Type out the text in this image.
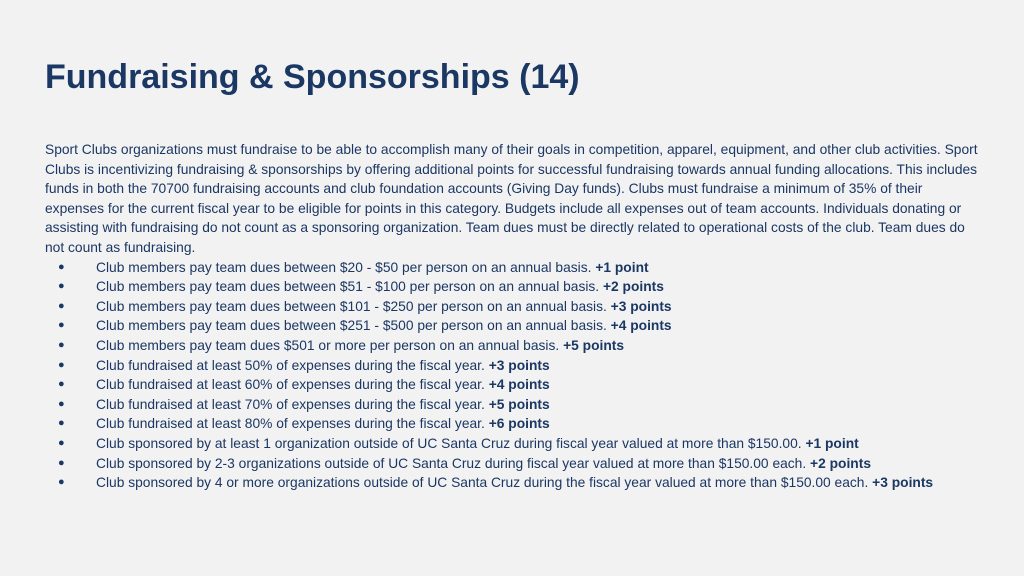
Fundraising & Sponsorships (14)

Sport Clubs organizations must fundraise to be able to accomplish many of their goals in competition, apparel, equipment, and other club activities. Sport Clubs is incentivizing fundraising & sponsorships by offering additional points for successful fundraising towards annual funding allocations. This includes funds in both the 70700 fundraising accounts and club foundation accounts (Giving Day funds). Clubs must fundraise a minimum of 35% of their expenses for the current fiscal year to be eligible for points in this category. Budgets include all expenses out of team accounts. Individuals donating or assisting with fundraising do not count as a sponsoring organization. Team dues must be directly related to operational costs of the club. Team dues do not count as fundraising.

● Club members pay team dues between $20 - $50 per person on an annual basis. +1 point
● Club members pay team dues between $51 - $100 per person on an annual basis. +2 points
● Club members pay team dues between $101 - $250 per person on an annual basis. +3 points
● Club members pay team dues between $251 - $500 per person on an annual basis. +4 points
● Club members pay team dues $501 or more per person on an annual basis. +5 points
● Club fundraised at least 50% of expenses during the fiscal year. +3 points
● Club fundraised at least 60% of expenses during the fiscal year. +4 points
● Club fundraised at least 70% of expenses during the fiscal year. +5 points
● Club fundraised at least 80% of expenses during the fiscal year. +6 points
● Club sponsored by at least 1 organization outside of UC Santa Cruz during fiscal year valued at more than $150.00. +1 point
● Club sponsored by 2-3 organizations outside of UC Santa Cruz during fiscal year valued at more than $150.00 each. +2 points
● Club sponsored by 4 or more organizations outside of UC Santa Cruz during the fiscal year valued at more than $150.00 each. +3 points
